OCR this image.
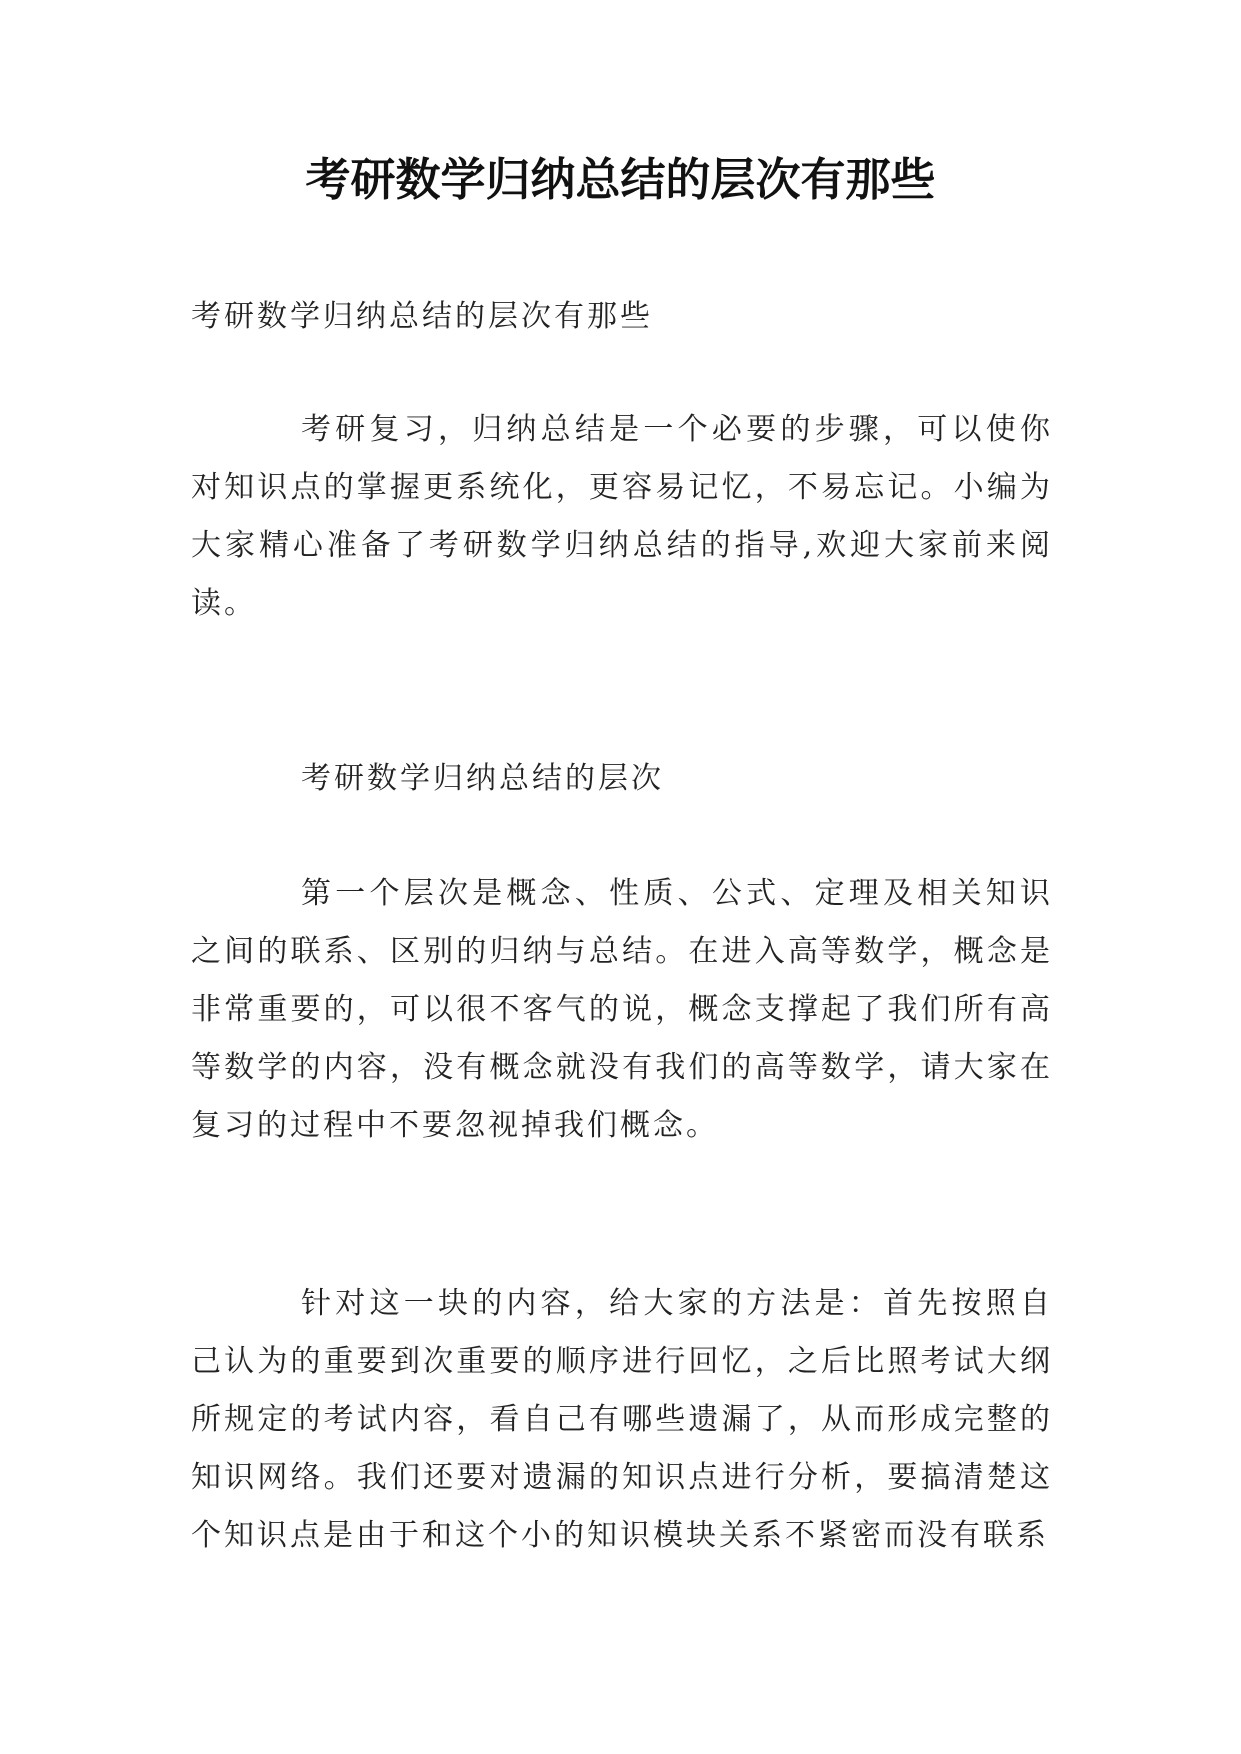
考研数学归纳总结的层次有那些

考研数学归纳总结的层次有那些

考研复习，归纳总结是一个必要的步骤，可以使你对知识点的掌握更系统化，更容易记忆，不易忘记。小编为大家精心准备了考研数学归纳总结的指导,欢迎大家前来阅读。

考研数学归纳总结的层次

第一个层次是概念、性质、公式、定理及相关知识之间的联系、区别的归纳与总结。在进入高等数学，概念是非常重要的，可以很不客气的说，概念支撑起了我们所有高等数学的内容，没有概念就没有我们的高等数学，请大家在复习的过程中不要忽视掉我们概念。

针对这一块的内容，给大家的方法是：首先按照自己认为的重要到次重要的顺序进行回忆，之后比照考试大纲所规定的考试内容，看自己有哪些遗漏了，从而形成完整的知识网络。我们还要对遗漏的知识点进行分析，要搞清楚这个知识点是由于和这个小的知识模块关系不紧密而没有联系
